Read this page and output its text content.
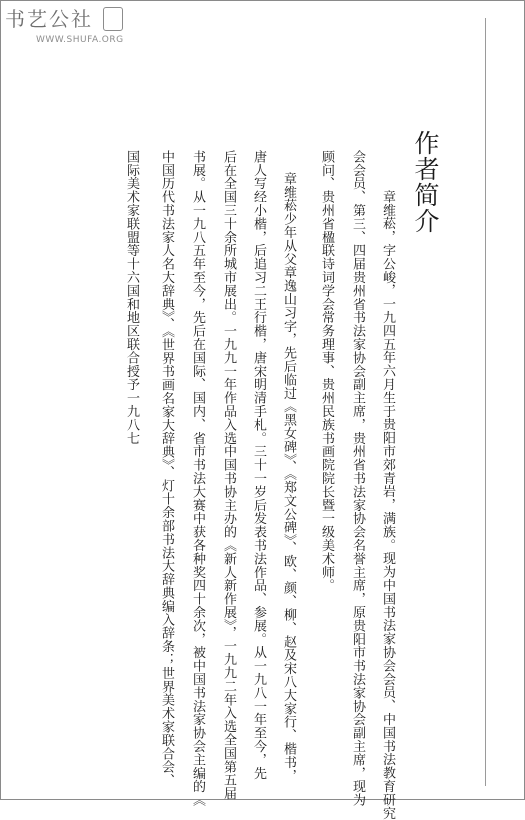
书艺公社
WWW.SHUFA.ORG
作者简介
章维菘，字公峻，一九四五年六月生于贵阳市郊青岩，满族。现为中国书法家协会会员、中国书法教育研究
会会员、第三、四届贵州省书法家协会副主席，贵州省书法家协会名誉主席，原贵阳市书法家协会副主席，现为
顾问、贵州省楹联诗词学会常务理事、贵州民族书画院院长暨一级美术师。
章维菘少年从父章逸山习字，先后临过《黑女碑》、《郑文公碑》、欧、颜、柳、赵及宋八大家行、楷书，
唐人写经小楷，后追习二王行楷，唐宋明清手札。三十一岁后发表书法作品、参展。从一九八一年至今，先
后在全国三十余所城市展出。一九九一年作品入选中国书协主办的《新人新作展》，一九九二年入选全国第五届
书展。从一九八五年至今，先后在国际、国内、省市书法大赛中获各种奖四十余次，被中国书法家协会主编的《
中国历代书法家人名大辞典》、《世界书画名家大辞典》、灯十余部书法大辞典编入辞条；世界美术家联合会、
国际美术家联盟等十六国和地区联合授予一九八七
